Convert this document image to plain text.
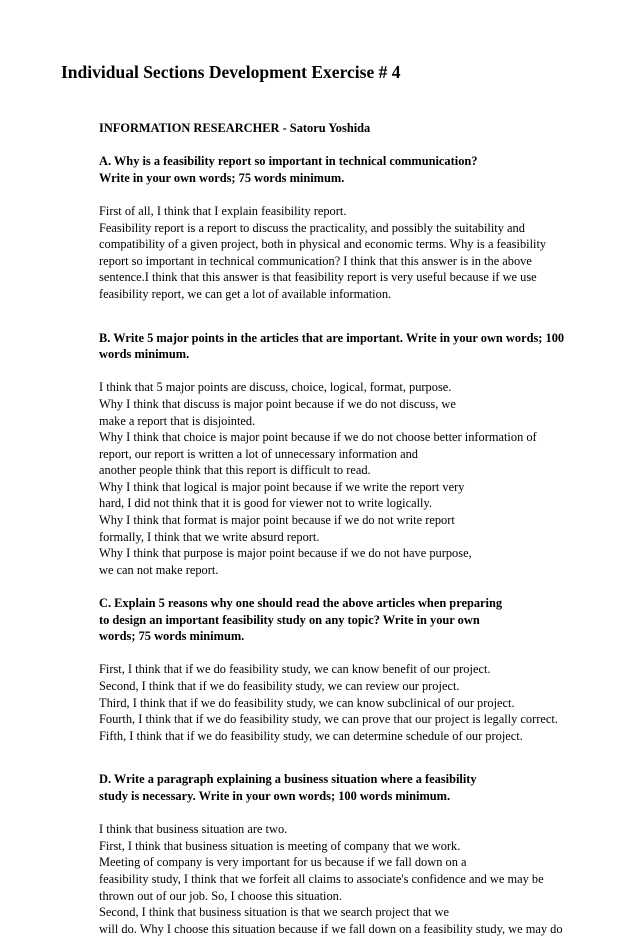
Individual Sections Development Exercise # 4
INFORMATION RESEARCHER - Satoru Yoshida
A. Why is a feasibility report so important in technical communication?
Write in your own words; 75 words minimum.
First of all, I think that I explain feasibility report.
Feasibility report is a report to discuss the practicality, and possibly the suitability and
compatibility of a given project, both in physical and economic terms. Why is a feasibility
report so important in technical communication? I think that this answer is in the above
sentence.I think that this answer is that feasibility report is very useful because if we use
feasibility report, we can get a lot of available information.
B. Write 5 major points in the articles that are important. Write in your own words; 100
words minimum.
I think that 5 major points are discuss, choice, logical, format, purpose.
Why I think that discuss is major point because if we do not discuss, we
make a report that is disjointed.
Why I think that choice is major point because if we do not choose better information of
report, our report is written a lot of unnecessary information and
another people think that this report is difficult to read.
Why I think that logical is major point because if we write the report very
hard, I did not think that it is good for viewer not to write logically.
Why I think that format is major point because if we do not write report
formally, I think that we write absurd report.
Why I think that purpose is major point because if we do not have purpose,
we can not make report.
C. Explain 5 reasons why one should read the above articles when preparing
to design an important feasibility study on any topic? Write in your own
words; 75 words minimum.
First, I think that if we do feasibility study, we can know benefit of our project.
Second, I think that if we do feasibility study, we can review our project.
Third, I think that if we do feasibility study, we can know subclinical of our project.
Fourth, I think that if we do feasibility study, we can prove that our project is legally correct.
Fifth, I think that if we do feasibility study, we can determine schedule of our project.
D. Write a paragraph explaining a business situation where a feasibility
study is necessary. Write in your own words; 100 words minimum.
I think that business situation are two.
First, I think that business situation is meeting of company that we work.
Meeting of company is very important for us because if we fall down on a
feasibility study, I think that we forfeit all claims to associate's confidence and we may be
thrown out of our job. So, I choose this situation.
Second, I think that business situation is that we search project that we
will do. Why I choose this situation because if we fall down on a feasibility study, we may do
